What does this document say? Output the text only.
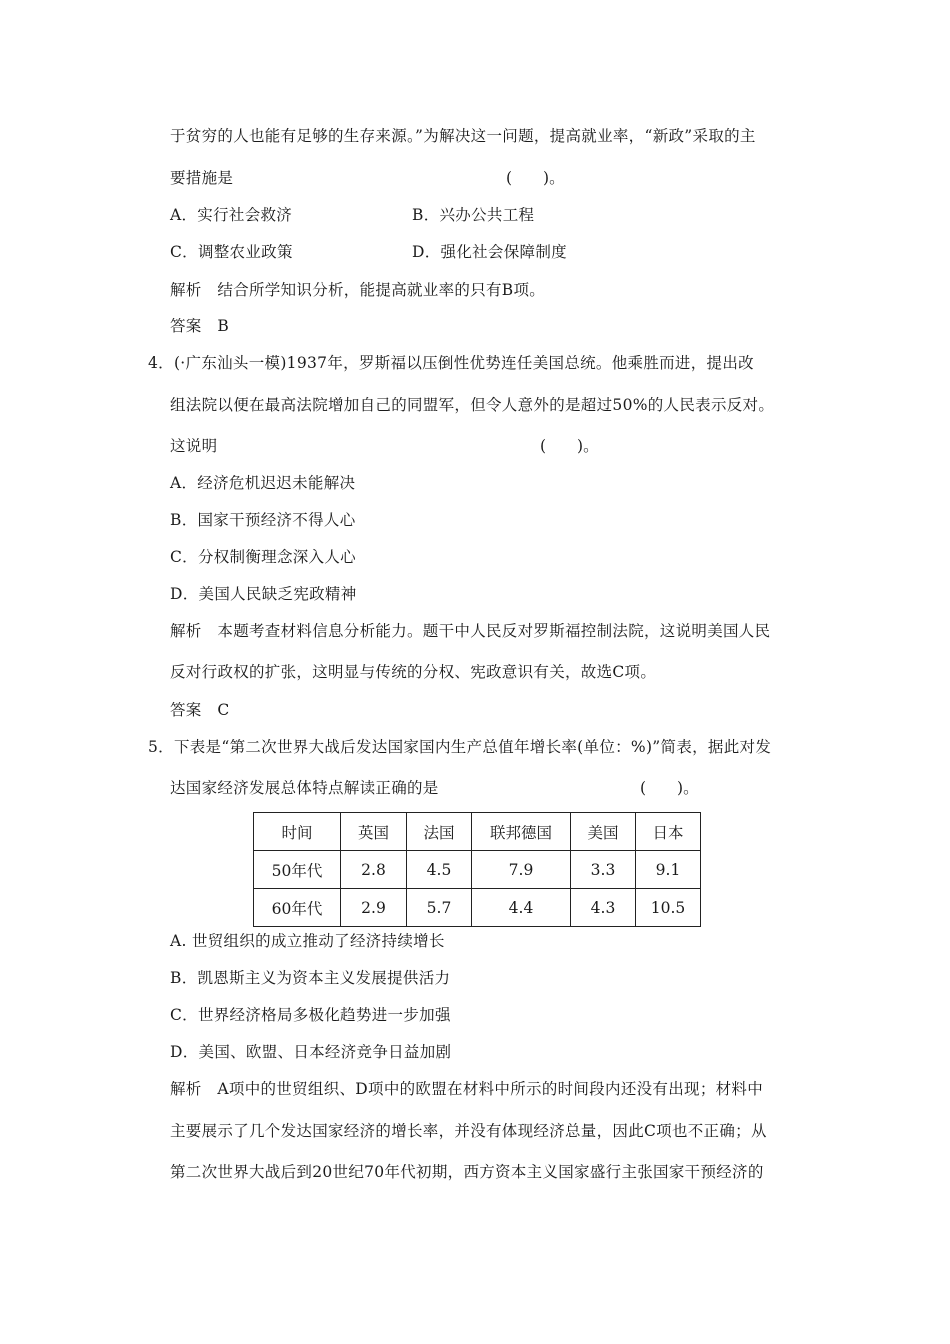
于贫穷的人也能有足够的生存来源。”为解决这一问题，提高就业率，“新政”采取的主
要措施是	(　　)。
A．实行社会救济	B．兴办公共工程
C．调整农业政策	D．强化社会保障制度
解析　结合所学知识分析，能提高就业率的只有B项。
答案　B
4．(·广东汕头一模)1937年，罗斯福以压倒性优势连任美国总统。他乘胜而进，提出改
组法院以便在最高法院增加自己的同盟军，但令人意外的是超过50%的人民表示反对。
这说明	(　　)。
A．经济危机迟迟未能解决
B．国家干预经济不得人心
C．分权制衡理念深入人心
D．美国人民缺乏宪政精神
解析　本题考查材料信息分析能力。题干中人民反对罗斯福控制法院，这说明美国人民
反对行政权的扩张，这明显与传统的分权、宪政意识有关，故选C项。
答案　C
5．下表是“第二次世界大战后发达国家国内生产总值年增长率(单位：%)”简表，据此对发
达国家经济发展总体特点解读正确的是	(　　)。
时间	英国	法国	联邦德国	美国	日本
50年代	2.8	4.5	7.9	3.3	9.1
60年代	2.9	5.7	4.4	4.3	10.5
A. 世贸组织的成立推动了经济持续增长
B．凯恩斯主义为资本主义发展提供活力
C．世界经济格局多极化趋势进一步加强
D．美国、欧盟、日本经济竞争日益加剧
解析　A项中的世贸组织、D项中的欧盟在材料中所示的时间段内还没有出现；材料中
主要展示了几个发达国家经济的增长率，并没有体现经济总量，因此C项也不正确；从
第二次世界大战后到20世纪70年代初期，西方资本主义国家盛行主张国家干预经济的
